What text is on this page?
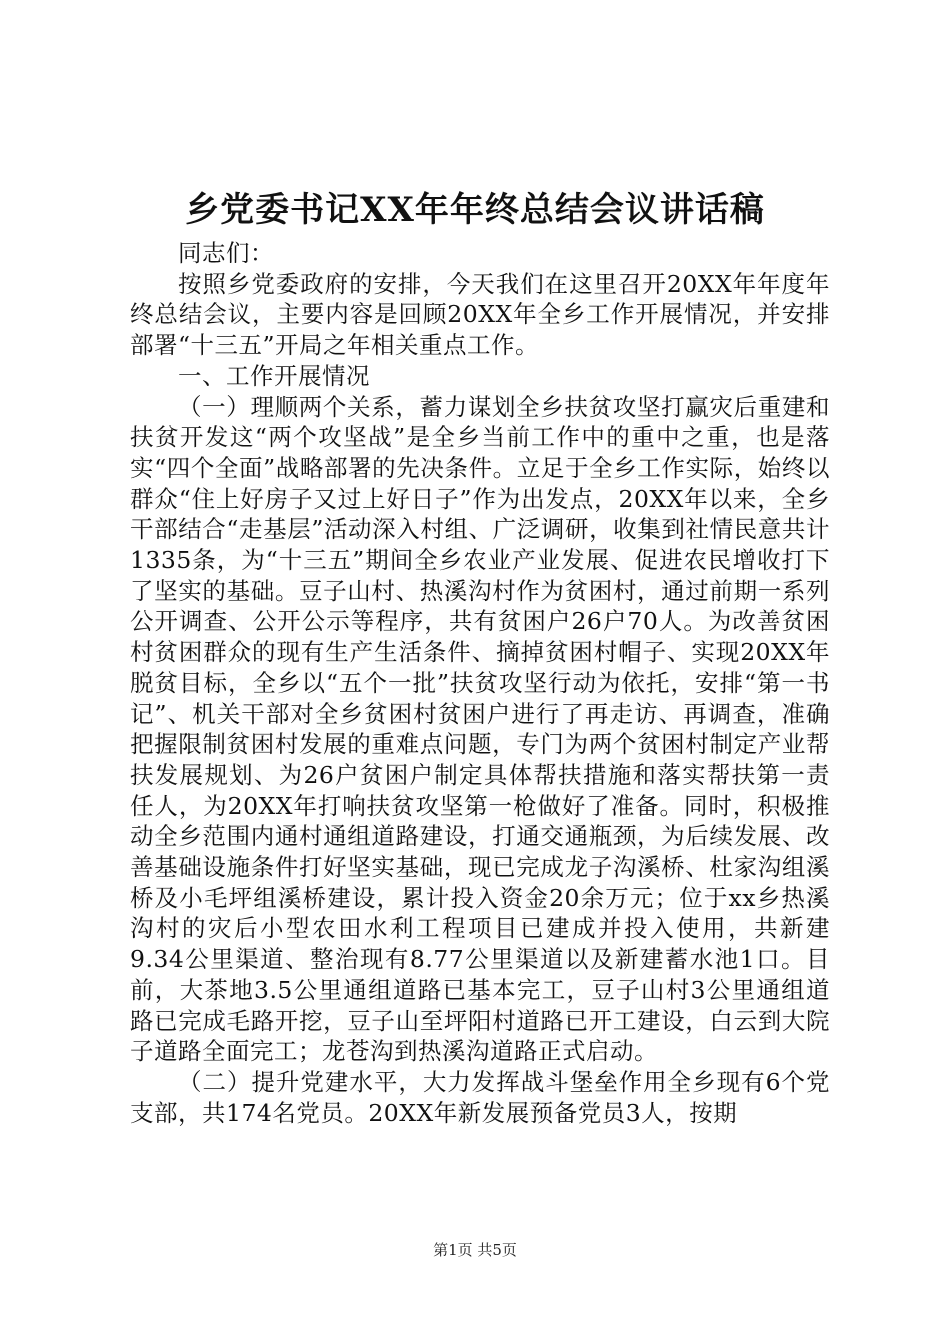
乡党委书记XX年年终总结会议讲话稿

同志们：

按照乡党委政府的安排，今天我们在这里召开20XX年年度年终总结会议，主要内容是回顾20XX年全乡工作开展情况，并安排部署“十三五”开局之年相关重点工作。

一、工作开展情况

（一）理顺两个关系，蓄力谋划全乡扶贫攻坚打赢灾后重建和扶贫开发这“两个攻坚战”是全乡当前工作中的重中之重，也是落实“四个全面”战略部署的先决条件。立足于全乡工作实际，始终以群众“住上好房子又过上好日子”作为出发点，20XX年以来，全乡干部结合“走基层”活动深入村组、广泛调研，收集到社情民意共计1335条，为“十三五”期间全乡农业产业发展、促进农民增收打下了坚实的基础。豆子山村、热溪沟村作为贫困村，通过前期一系列公开调查、公开公示等程序，共有贫困户26户70人。为改善贫困村贫困群众的现有生产生活条件、摘掉贫困村帽子、实现20XX年脱贫目标，全乡以“五个一批”扶贫攻坚行动为依托，安排“第一书记”、机关干部对全乡贫困村贫困户进行了再走访、再调查，准确把握限制贫困村发展的重难点问题，专门为两个贫困村制定产业帮扶发展规划、为26户贫困户制定具体帮扶措施和落实帮扶第一责任人，为20XX年打响扶贫攻坚第一枪做好了准备。同时，积极推动全乡范围内通村通组道路建设，打通交通瓶颈，为后续发展、改善基础设施条件打好坚实基础，现已完成龙子沟溪桥、杜家沟组溪桥及小毛坪组溪桥建设，累计投入资金20余万元；位于xx乡热溪沟村的灾后小型农田水利工程项目已建成并投入使用，共新建9.34公里渠道、整治现有8.77公里渠道以及新建蓄水池1口。目前，大茶地3.5公里通组道路已基本完工，豆子山村3公里通组道路已完成毛路开挖，豆子山至坪阳村道路已开工建设，白云到大院子道路全面完工；龙苍沟到热溪沟道路正式启动。

（二）提升党建水平，大力发挥战斗堡垒作用全乡现有6个党支部，共174名党员。20XX年新发展预备党员3人，按期

第1页 共5页
